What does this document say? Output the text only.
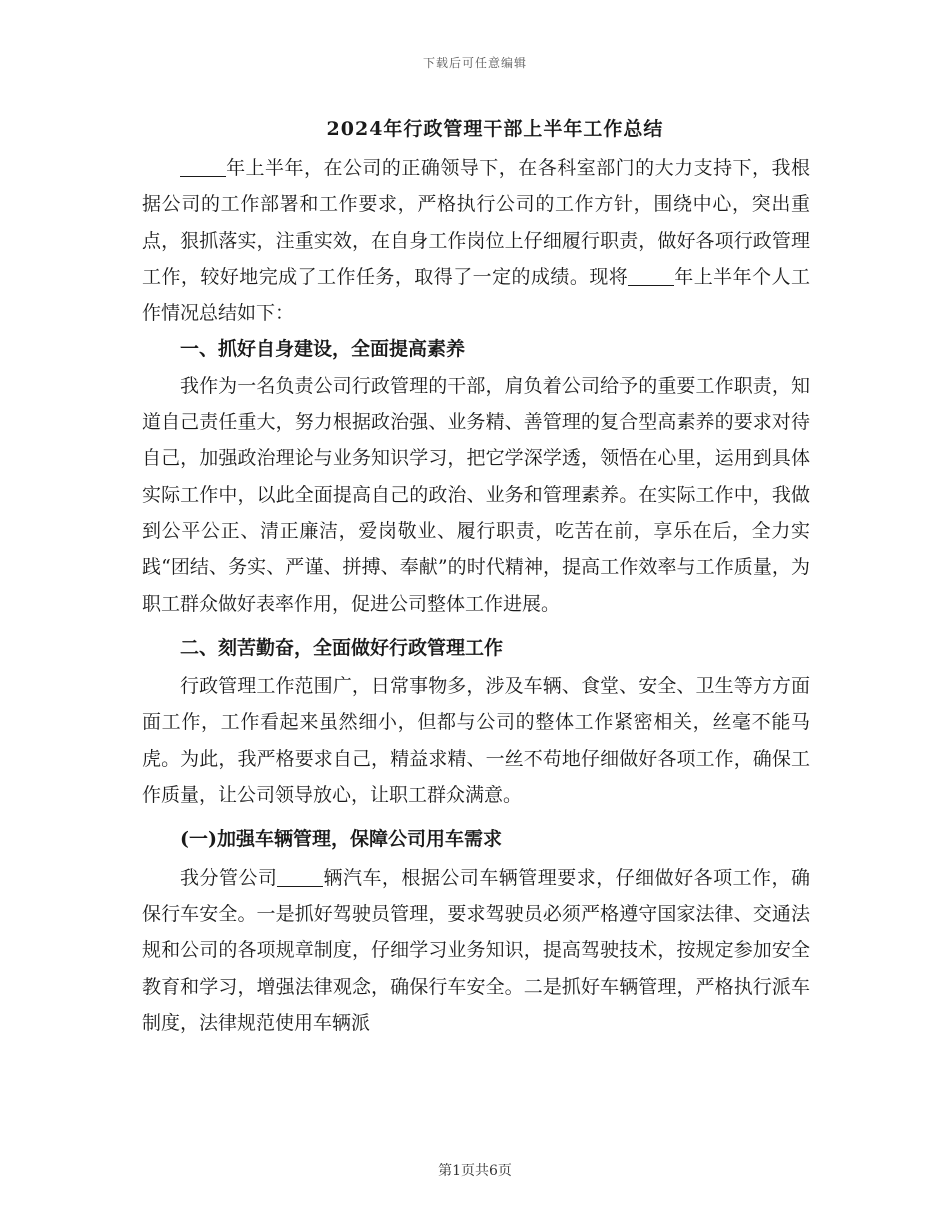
下载后可任意编辑
2024年行政管理干部上半年工作总结

年上半年，在公司的正确领导下，在各科室部门的大力支持下，我根据公司的工作部署和工作要求，严格执行公司的工作方针，围绕中心，突出重点，狠抓落实，注重实效，在自身工作岗位上仔细履行职责，做好各项行政管理工作，较好地完成了工作任务，取得了一定的成绩。现将 年上半年个人工作情况总结如下：

一、抓好自身建设，全面提高素养

我作为一名负责公司行政管理的干部，肩负着公司给予的重要工作职责，知道自己责任重大，努力根据政治强、业务精、善管理的复合型高素养的要求对待自己，加强政治理论与业务知识学习，把它学深学透，领悟在心里，运用到具体实际工作中，以此全面提高自己的政治、业务和管理素养。在实际工作中，我做到公平公正、清正廉洁，爱岗敬业、履行职责，吃苦在前，享乐在后，全力实践“团结、务实、严谨、拼搏、奉献”的时代精神，提高工作效率与工作质量，为职工群众做好表率作用，促进公司整体工作进展。

二、刻苦勤奋，全面做好行政管理工作

行政管理工作范围广，日常事物多，涉及车辆、食堂、安全、卫生等方方面面工作，工作看起来虽然细小，但都与公司的整体工作紧密相关，丝毫不能马虎。为此，我严格要求自己，精益求精、一丝不苟地仔细做好各项工作，确保工作质量，让公司领导放心，让职工群众满意。

(一)加强车辆管理，保障公司用车需求

我分管公司 辆汽车，根据公司车辆管理要求，仔细做好各项工作，确保行车安全。一是抓好驾驶员管理，要求驾驶员必须严格遵守国家法律、交通法规和公司的各项规章制度，仔细学习业务知识，提高驾驶技术，按规定参加安全教育和学习，增强法律观念，确保行车安全。二是抓好车辆管理，严格执行派车制度，法律规范使用车辆派

第1页共6页
